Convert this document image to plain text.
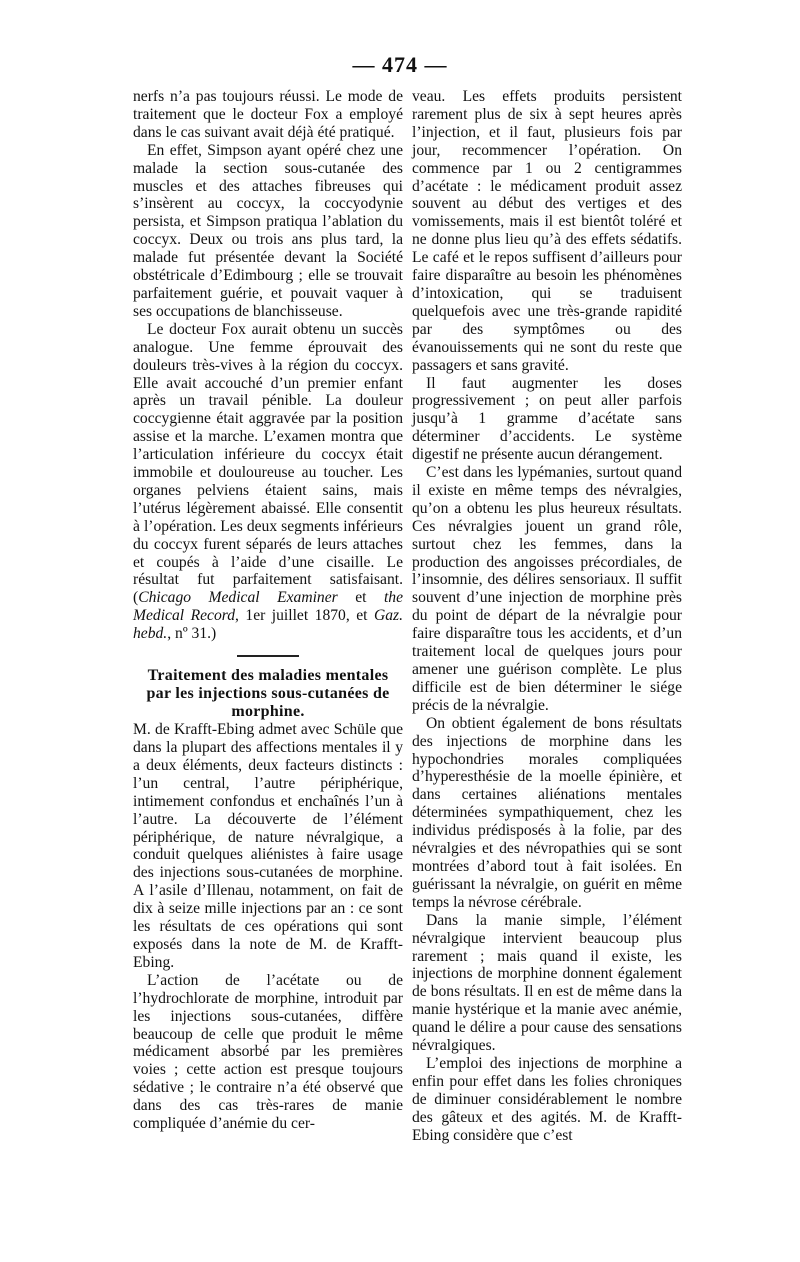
— 474 —

nerfs n’a pas toujours réussi. Le mode de traitement que le docteur Fox a employé dans le cas suivant avait déjà été pratiqué.

En effet, Simpson ayant opéré chez une malade la section sous-cutanée des muscles et des attaches fibreuses qui s’insèrent au coccyx, la coccyodynie persista, et Simpson pratiqua l’ablation du coccyx. Deux ou trois ans plus tard, la malade fut présentée devant la Société obstétricale d’Edimbourg ; elle se trouvait parfaitement guérie, et pouvait vaquer à ses occupations de blanchisseuse.

Le docteur Fox aurait obtenu un succès analogue. Une femme éprouvait des douleurs très-vives à la région du coccyx. Elle avait accouché d’un premier enfant après un travail pénible. La douleur coccygienne était aggravée par la position assise et la marche. L’examen montra que l’articulation inférieure du coccyx était immobile et douloureuse au toucher. Les organes pelviens étaient sains, mais l’utérus légèrement abaissé. Elle consentit à l’opération. Les deux segments inférieurs du coccyx furent séparés de leurs attaches et coupés à l’aide d’une cisaille. Le résultat fut parfaitement satisfaisant. (Chicago Medical Examiner et the Medical Record, 1er juillet 1870, et Gaz. hebd., nº 31.)

Traitement des maladies mentales par les injections sous-cutanées de morphine.

M. de Krafft-Ebing admet avec Schüle que dans la plupart des affections mentales il y a deux éléments, deux facteurs distincts : l’un central, l’autre périphérique, intimement confondus et enchaînés l’un à l’autre. La découverte de l’élément périphérique, de nature névralgique, a conduit quelques aliénistes à faire usage des injections sous-cutanées de morphine. A l’asile d’Illenau, notamment, on fait de dix à seize mille injections par an : ce sont les résultats de ces opérations qui sont exposés dans la note de M. de Krafft-Ebing.

L’action de l’acétate ou de l’hydrochlorate de morphine, introduit par les injections sous-cutanées, diffère beaucoup de celle que produit le même médicament absorbé par les premières voies ; cette action est presque toujours sédative ; le contraire n’a été observé que dans des cas très-rares de manie compliquée d’anémie du cer-

veau. Les effets produits persistent rarement plus de six à sept heures après l’injection, et il faut, plusieurs fois par jour, recommencer l’opération. On commence par 1 ou 2 centigrammes d’acétate : le médicament produit assez souvent au début des vertiges et des vomissements, mais il est bientôt toléré et ne donne plus lieu qu’à des effets sédatifs. Le café et le repos suffisent d’ailleurs pour faire disparaître au besoin les phénomènes d’intoxication, qui se traduisent quelquefois avec une très-grande rapidité par des symptômes ou des évanouissements qui ne sont du reste que passagers et sans gravité.

Il faut augmenter les doses progressivement ; on peut aller parfois jusqu’à 1 gramme d’acétate sans déterminer d’accidents. Le système digestif ne présente aucun dérangement.

C’est dans les lypémanies, surtout quand il existe en même temps des névralgies, qu’on a obtenu les plus heureux résultats. Ces névralgies jouent un grand rôle, surtout chez les femmes, dans la production des angoisses précordiales, de l’insomnie, des délires sensoriaux. Il suffit souvent d’une injection de morphine près du point de départ de la névralgie pour faire disparaître tous les accidents, et d’un traitement local de quelques jours pour amener une guérison complète. Le plus difficile est de bien déterminer le siége précis de la névralgie.

On obtient également de bons résultats des injections de morphine dans les hypochondries morales compliquées d’hyperesthésie de la moelle épinière, et dans certaines aliénations mentales déterminées sympathiquement, chez les individus prédisposés à la folie, par des névralgies et des névropathies qui se sont montrées d’abord tout à fait isolées. En guérissant la névralgie, on guérit en même temps la névrose cérébrale.

Dans la manie simple, l’élément névralgique intervient beaucoup plus rarement ; mais quand il existe, les injections de morphine donnent également de bons résultats. Il en est de même dans la manie hystérique et la manie avec anémie, quand le délire a pour cause des sensations névralgiques.

L’emploi des injections de morphine a enfin pour effet dans les folies chroniques de diminuer considérablement le nombre des gâteux et des agités. M. de Krafft-Ebing considère que c’est
